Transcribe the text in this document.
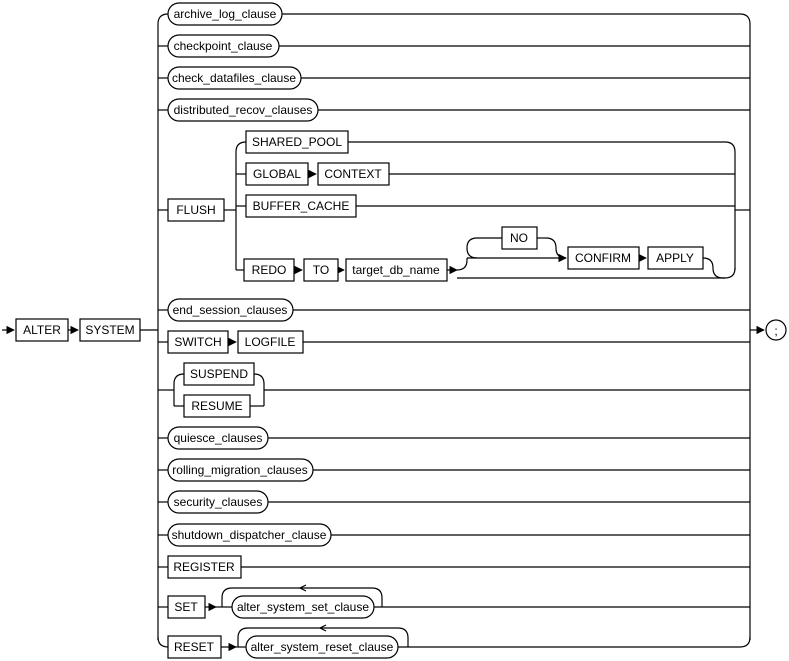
ALTER SYSTEM
archive_log_clause
checkpoint_clause
check_datafiles_clause
distributed_recov_clauses
FLUSH
SHARED_POOL
GLOBAL CONTEXT
BUFFER_CACHE
REDO TO target_db_name
NO
CONFIRM APPLY
end_session_clauses
SWITCH LOGFILE
SUSPEND
RESUME
quiesce_clauses
rolling_migration_clauses
security_clauses
shutdown_dispatcher_clause
REGISTER
SET	alter_system_set_clause
RESET	alter_system_reset_clause
;
